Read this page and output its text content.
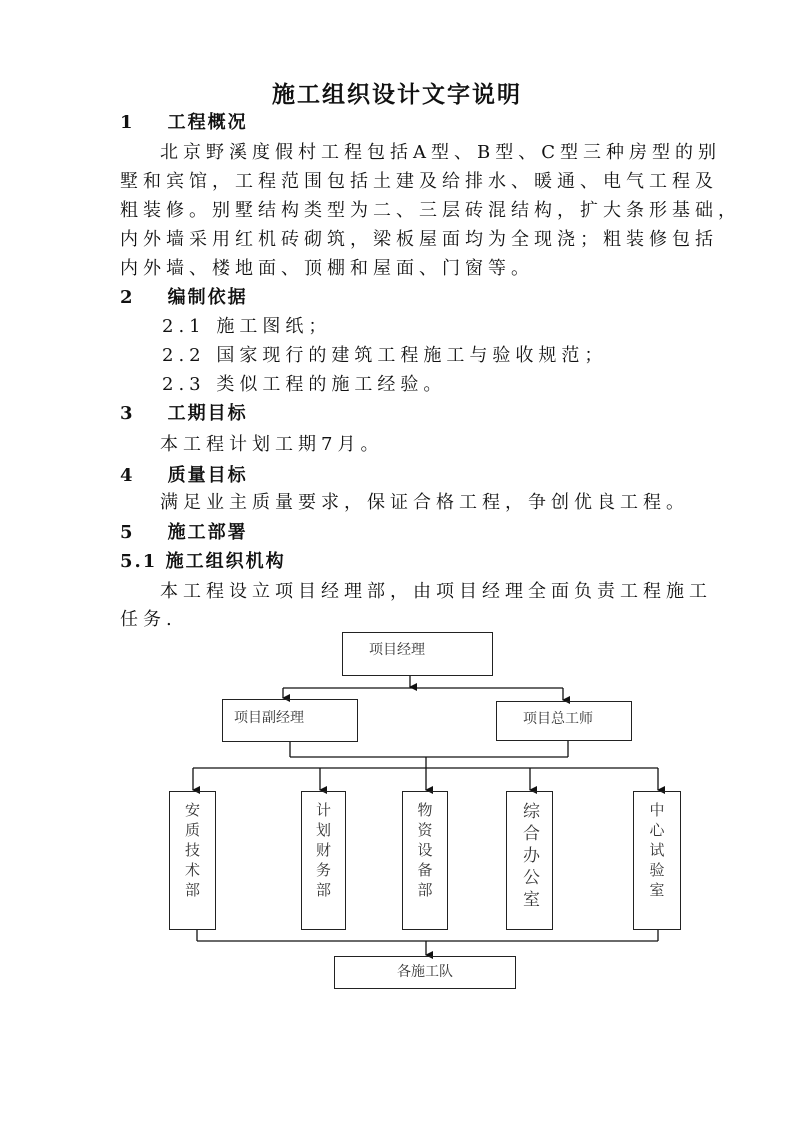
施工组织设计文字说明
1 工程概况
北京野溪度假村工程包括A型、B型、C型三种房型的别
墅和宾馆，工程范围包括土建及给排水、暖通、电气工程及
粗装修。别墅结构类型为二、三层砖混结构，扩大条形基础，
内外墙采用红机砖砌筑，梁板屋面均为全现浇；粗装修包括
内外墙、楼地面、顶棚和屋面、门窗等。
2 编制依据
2.1 施工图纸；
2.2 国家现行的建筑工程施工与验收规范；
2.3 类似工程的施工经验。
3 工期目标
本工程计划工期7月。
4 质量目标
满足业主质量要求，保证合格工程，争创优良工程。
5 施工部署
5.1 施工组织机构
本工程设立项目经理部，由项目经理全面负责工程施工
任务.
项目经理
项目副经理	项目总工师
安质技术部	计划财务部	物资设备部	综合办公室	中心试验室
各施工队
